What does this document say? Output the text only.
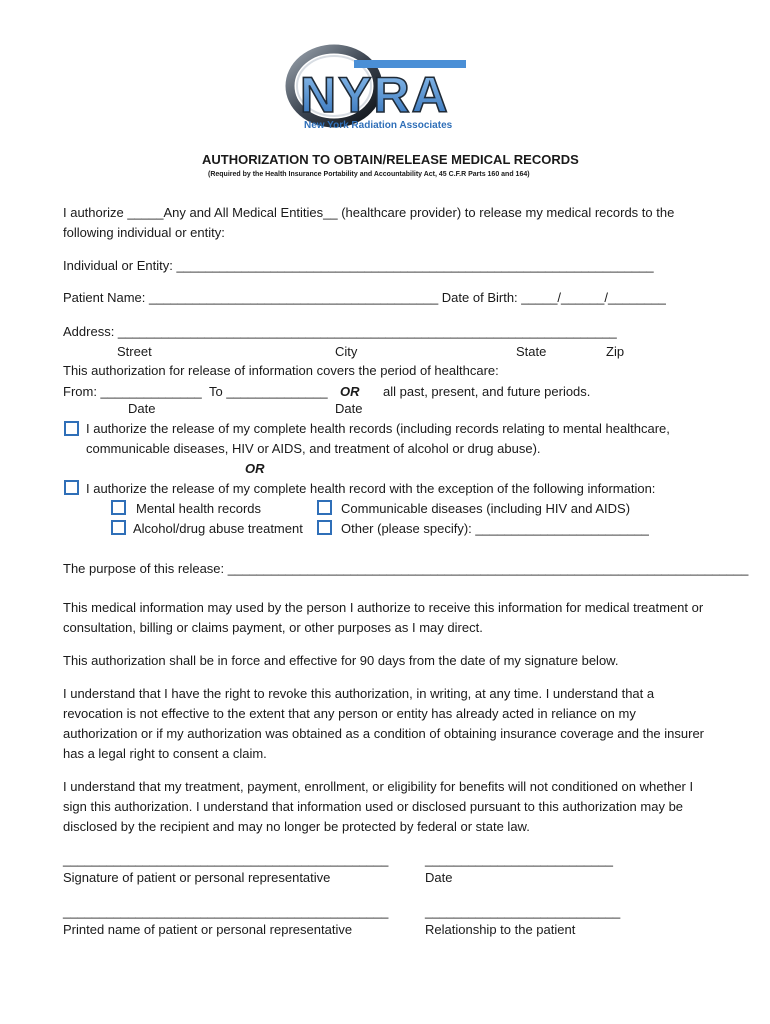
NYRA
New York Radiation Associates
AUTHORIZATION TO OBTAIN/RELEASE MEDICAL RECORDS
(Required by the Health Insurance Portability and Accountability Act, 45 C.F.R Parts 160 and 164)
I authorize _____Any and All Medical Entities__ (healthcare provider) to release my medical records to the
following individual or entity:
Individual or Entity: __________________________________________________________________
Patient Name: ________________________________________ Date of Birth: _____/______/________
Address: _____________________________________________________________________
Street	City	State	Zip
This authorization for release of information covers the period of healthcare:
From: ______________ To ______________ OR all past, present, and future periods.
Date	Date
I authorize the release of my complete health records (including records relating to mental healthcare,
communicable diseases, HIV or AIDS, and treatment of alcohol or drug abuse).
OR
I authorize the release of my complete health record with the exception of the following information:
Mental health records	Communicable diseases (including HIV and AIDS)
Alcohol/drug abuse treatment	Other (please specify): ________________________
The purpose of this release: ________________________________________________________________________
This medical information may used by the person I authorize to receive this information for medical treatment or
consultation, billing or claims payment, or other purposes as I may direct.
This authorization shall be in force and effective for 90 days from the date of my signature below.
I understand that I have the right to revoke this authorization, in writing, at any time. I understand that a
revocation is not effective to the extent that any person or entity has already acted in reliance on my
authorization or if my authorization was obtained as a condition of obtaining insurance coverage and the insurer
has a legal right to consent a claim.
I understand that my treatment, payment, enrollment, or eligibility for benefits will not conditioned on whether I
sign this authorization. I understand that information used or disclosed pursuant to this authorization may be
disclosed by the recipient and may no longer be protected by federal or state law.
_____________________________________________
Signature of patient or personal representative
__________________________
Date
_____________________________________________
Printed name of patient or personal representative
___________________________
Relationship to the patient
